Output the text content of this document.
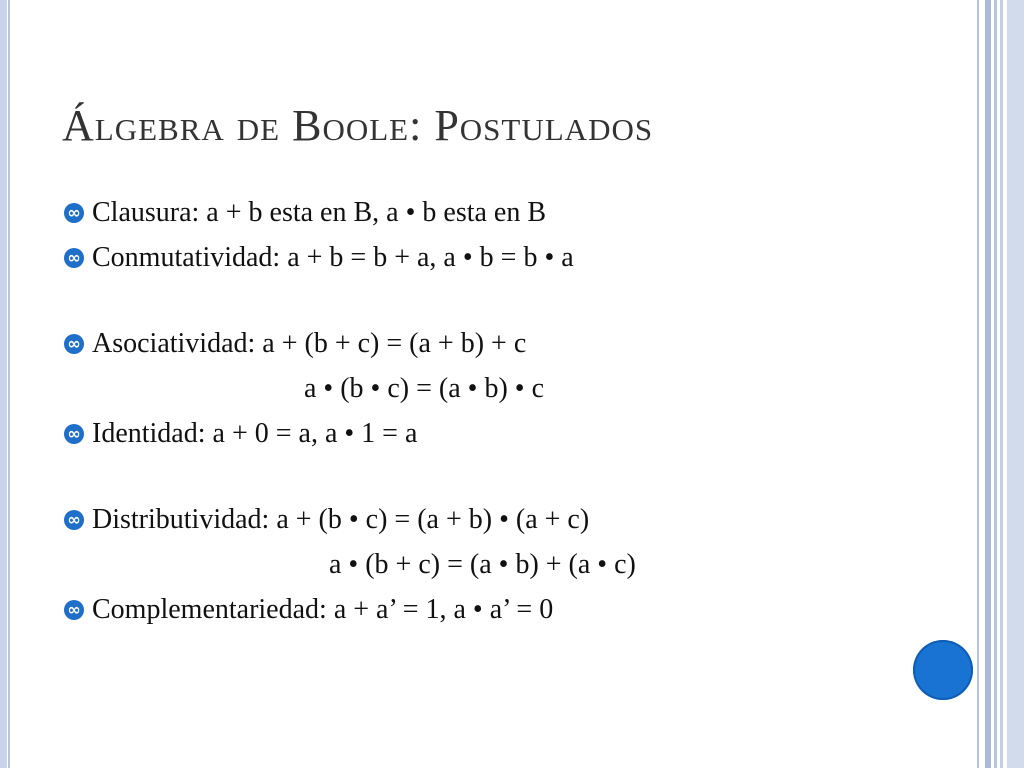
Álgebra de Boole: Postulados
∞ Clausura: a + b esta en B, a • b esta en B
∞ Conmutatividad: a + b = b + a, a • b = b • a
∞ Asociatividad: a + (b + c) = (a + b) + c
a • (b • c) = (a • b) • c
∞ Identidad: a + 0 = a, a • 1 = a
∞ Distributividad: a + (b • c) = (a + b) • (a + c)
a • (b + c) = (a • b) + (a • c)
∞ Complementariedad: a + a’ = 1, a • a’ = 0
